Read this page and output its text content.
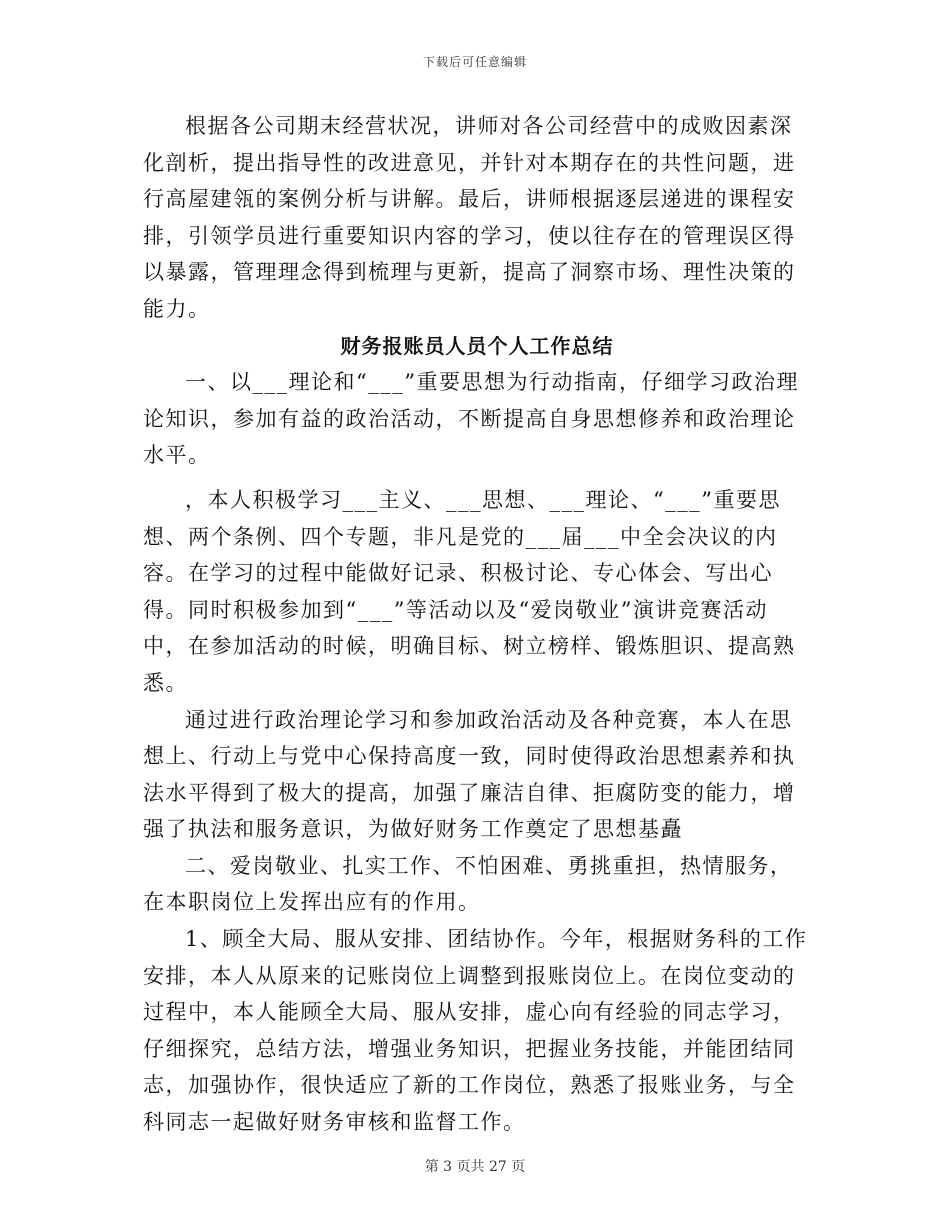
下载后可任意编辑

根据各公司期末经营状况，讲师对各公司经营中的成败因素深化剖析，提出指导性的改进意见，并针对本期存在的共性问题，进行高屋建瓴的案例分析与讲解。最后，讲师根据逐层递进的课程安排，引领学员进行重要知识内容的学习，使以往存在的管理误区得以暴露，管理理念得到梳理与更新，提高了洞察市场、理性决策的能力。

财务报账员人员个人工作总结

一、以___理论和“___”重要思想为行动指南，仔细学习政治理论知识，参加有益的政治活动，不断提高自身思想修养和政治理论水平。

，本人积极学习___主义、___思想、___理论、“___”重要思想、两个条例、四个专题，非凡是党的___届___中全会决议的内容。在学习的过程中能做好记录、积极讨论、专心体会、写出心得。同时积极参加到“___”等活动以及“爱岗敬业”演讲竞赛活动中，在参加活动的时候，明确目标、树立榜样、锻炼胆识、提高熟悉。

通过进行政治理论学习和参加政治活动及各种竞赛，本人在思想上、行动上与党中心保持高度一致，同时使得政治思想素养和执法水平得到了极大的提高，加强了廉洁自律、拒腐防变的能力，增强了执法和服务意识，为做好财务工作奠定了思想基矗

二、爱岗敬业、扎实工作、不怕困难、勇挑重担，热情服务，在本职岗位上发挥出应有的作用。

1、顾全大局、服从安排、团结协作。今年，根据财务科的工作安排，本人从原来的记账岗位上调整到报账岗位上。在岗位变动的过程中，本人能顾全大局、服从安排，虚心向有经验的同志学习，仔细探究，总结方法，增强业务知识，把握业务技能，并能团结同志，加强协作，很快适应了新的工作岗位，熟悉了报账业务，与全科同志一起做好财务审核和监督工作。

第 3 页共 27 页
